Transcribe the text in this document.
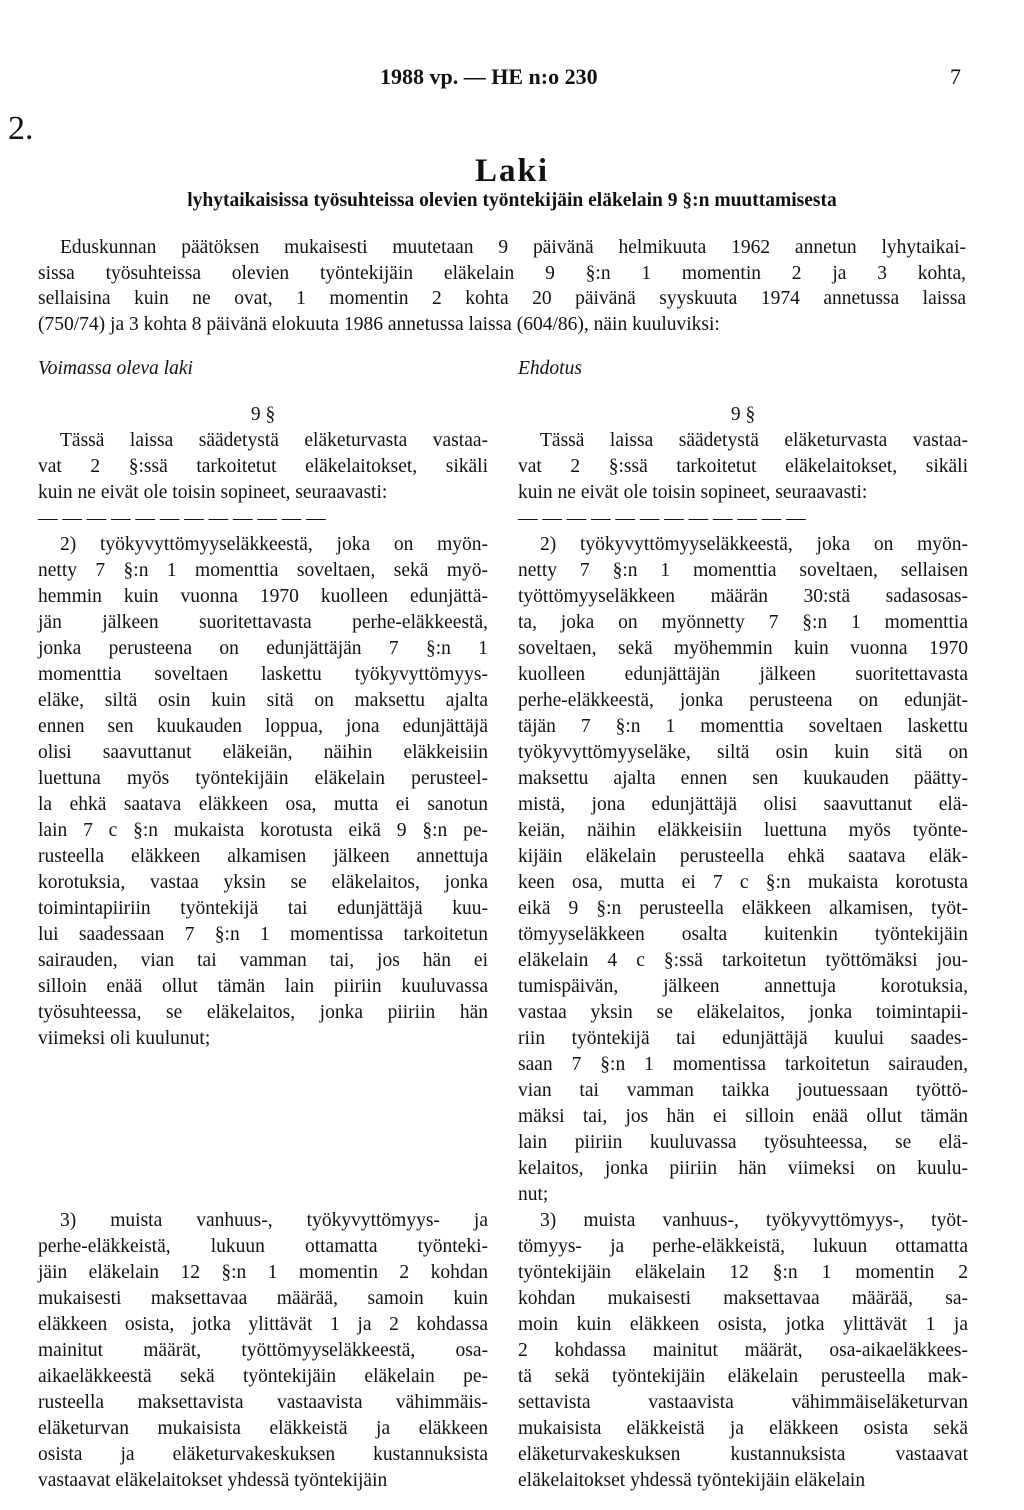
1988 vp. — HE n:o 230	7
2.
Laki
lyhytaikaisissa työsuhteissa olevien työntekijäin eläkelain 9 §:n muuttamisesta
Eduskunnan päätöksen mukaisesti muutetaan 9 päivänä helmikuuta 1962 annetun lyhytaikai-
sissa työsuhteissa olevien työntekijäin eläkelain 9 §:n 1 momentin 2 ja 3 kohta,
sellaisina kuin ne ovat, 1 momentin 2 kohta 20 päivänä syyskuuta 1974 annetussa laissa
(750/74) ja 3 kohta 8 päivänä elokuuta 1986 annetussa laissa (604/86), näin kuuluviksi:
Voimassa oleva laki	Ehdotus
9 §
Tässä laissa säädetystä eläketurvasta vastaa-
vat 2 §:ssä tarkoitetut eläkelaitokset, sikäli
kuin ne eivät ole toisin sopineet, seuraavasti:
— — — — — — — — — — — —
2) työkyvyttömyyseläkkeestä, joka on myön-
netty 7 §:n 1 momenttia soveltaen, sekä myö-
hemmin kuin vuonna 1970 kuolleen edunjättä-
jän jälkeen suoritettavasta perhe-eläkkeestä,
jonka perusteena on edunjättäjän 7 §:n 1
momenttia soveltaen laskettu työkyvyttömyys-
eläke, siltä osin kuin sitä on maksettu ajalta
ennen sen kuukauden loppua, jona edunjättäjä
olisi saavuttanut eläkeiän, näihin eläkkeisiin
luettuna myös työntekijäin eläkelain perusteel-
la ehkä saatava eläkkeen osa, mutta ei sanotun
lain 7 c §:n mukaista korotusta eikä 9 §:n pe-
rusteella eläkkeen alkamisen jälkeen annettuja
korotuksia, vastaa yksin se eläkelaitos, jonka
toimintapiiriin työntekijä tai edunjättäjä kuu-
lui saadessaan 7 §:n 1 momentissa tarkoitetun
sairauden, vian tai vamman tai, jos hän ei
silloin enää ollut tämän lain piiriin kuuluvassa
työsuhteessa, se eläkelaitos, jonka piiriin hän
viimeksi oli kuulunut;
3) muista vanhuus-, työkyvyttömyys- ja
perhe-eläkkeistä, lukuun ottamatta työnteki-
jäin eläkelain 12 §:n 1 momentin 2 kohdan
mukaisesti maksettavaa määrää, samoin kuin
eläkkeen osista, jotka ylittävät 1 ja 2 kohdassa
mainitut määrät, työttömyyseläkkeestä, osa-
aikaeläkkeestä sekä työntekijäin eläkelain pe-
rusteella maksettavista vastaavista vähimmäis-
eläketurvan mukaisista eläkkeistä ja eläkkeen
osista ja eläketurvakeskuksen kustannuksista
vastaavat eläkelaitokset yhdessä työntekijäin
9 §
Tässä laissa säädetystä eläketurvasta vastaa-
vat 2 §:ssä tarkoitetut eläkelaitokset, sikäli
kuin ne eivät ole toisin sopineet, seuraavasti:
— — — — — — — — — — — —
2) työkyvyttömyyseläkkeestä, joka on myön-
netty 7 §:n 1 momenttia soveltaen, sellaisen
työttömyyseläkkeen määrän 30:stä sadasosas-
ta, joka on myönnetty 7 §:n 1 momenttia
soveltaen, sekä myöhemmin kuin vuonna 1970
kuolleen edunjättäjän jälkeen suoritettavasta
perhe-eläkkeestä, jonka perusteena on edunjät-
täjän 7 §:n 1 momenttia soveltaen laskettu
työkyvyttömyyseläke, siltä osin kuin sitä on
maksettu ajalta ennen sen kuukauden päätty-
mistä, jona edunjättäjä olisi saavuttanut elä-
keiän, näihin eläkkeisiin luettuna myös työnte-
kijäin eläkelain perusteella ehkä saatava eläk-
keen osa, mutta ei 7 c §:n mukaista korotusta
eikä 9 §:n perusteella eläkkeen alkamisen, työt-
tömyyseläkkeen osalta kuitenkin työntekijäin
eläkelain 4 c §:ssä tarkoitetun työttömäksi jou-
tumispäivän, jälkeen annettuja korotuksia,
vastaa yksin se eläkelaitos, jonka toimintapii-
riin työntekijä tai edunjättäjä kuului saades-
saan 7 §:n 1 momentissa tarkoitetun sairauden,
vian tai vamman taikka joutuessaan työttö-
mäksi tai, jos hän ei silloin enää ollut tämän
lain piiriin kuuluvassa työsuhteessa, se elä-
kelaitos, jonka piiriin hän viimeksi on kuulu-
nut;
3) muista vanhuus-, työkyvyttömyys-, työt-
tömyys- ja perhe-eläkkeistä, lukuun ottamatta
työntekijäin eläkelain 12 §:n 1 momentin 2
kohdan mukaisesti maksettavaa määrää, sa-
moin kuin eläkkeen osista, jotka ylittävät 1 ja
2 kohdassa mainitut määrät, osa-aikaeläkkees-
tä sekä työntekijäin eläkelain perusteella mak-
settavista vastaavista vähimmäiseläketurvan
mukaisista eläkkeistä ja eläkkeen osista sekä
eläketurvakeskuksen kustannuksista vastaavat
eläkelaitokset yhdessä työntekijäin eläkelain
